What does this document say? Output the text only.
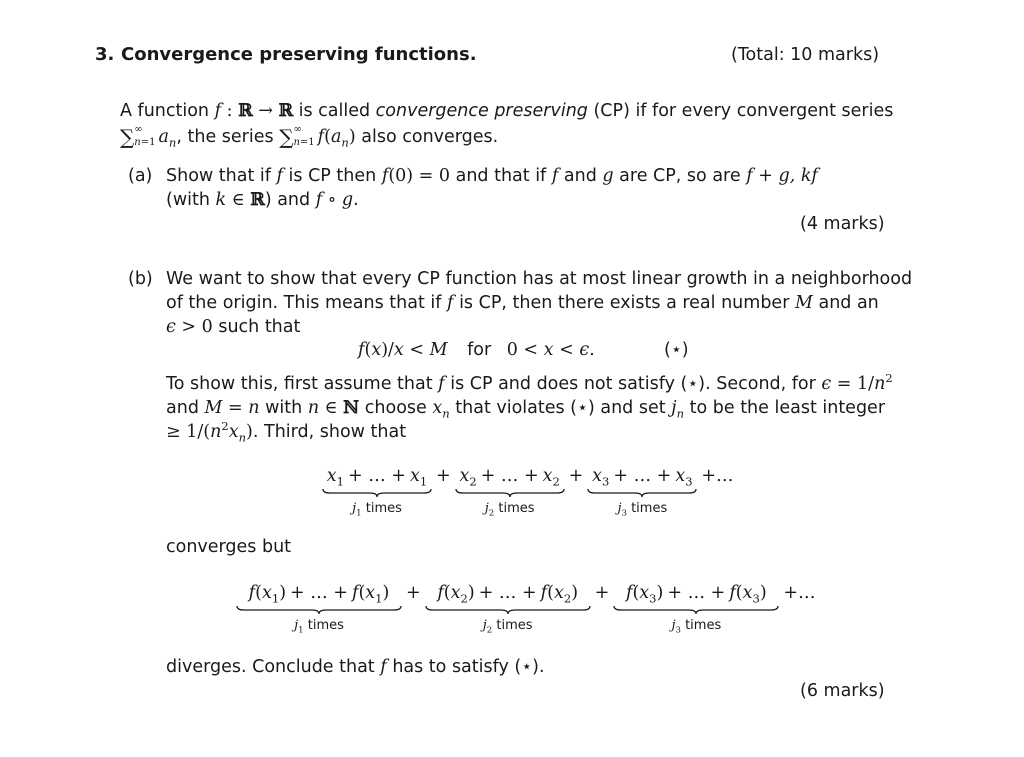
3. Convergence preserving functions.	(Total: 10 marks)
A function f : ℝ → ℝ is called convergence preserving (CP) if for every convergent series
∑ ∞
n=1 $a_n$, the series ∑ ∞
n=1 $f(a_n)$ also converges.
(a) Show that if f is CP then f(0) = 0 and that if f and g are CP, so are f + g, kf
(with k ∈ ℝ) and f ∘ g.
(4 marks)
(b) We want to show that every CP function has at most linear growth in a neighborhood
of the origin. This means that if f is CP, then there exists a real number M and an
ϵ > 0 such that
f(x)/x < M for 0 < x < ϵ.	(⋆)
To show this, first assume that f is CP and does not satisfy (⋆). Second, for $\epsilon = 1/n^2$
and M = n with n ∈ ℕ choose $x_n$ that violates (⋆) and set $j_n$ to be the least integer
≥ $1/(n^2x_n)$. Third, show that
$x_1$ + … + $x_1$
$j_1$ times
+ $x_2$ + … + $x_2$
$j_2$ times
+ $x_3$ + … + $x_3$
$j_3$ times
+…
converges but
$f(x_1)$ + … + $f(x_1)$
$j_1$ times
+ $f(x_2)$ + … + $f(x_2)$
$j_2$ times
+ $f(x_3)$ + … + $f(x_3)$
$j_3$ times
+…
diverges. Conclude that f has to satisfy (⋆).
(6 marks)
